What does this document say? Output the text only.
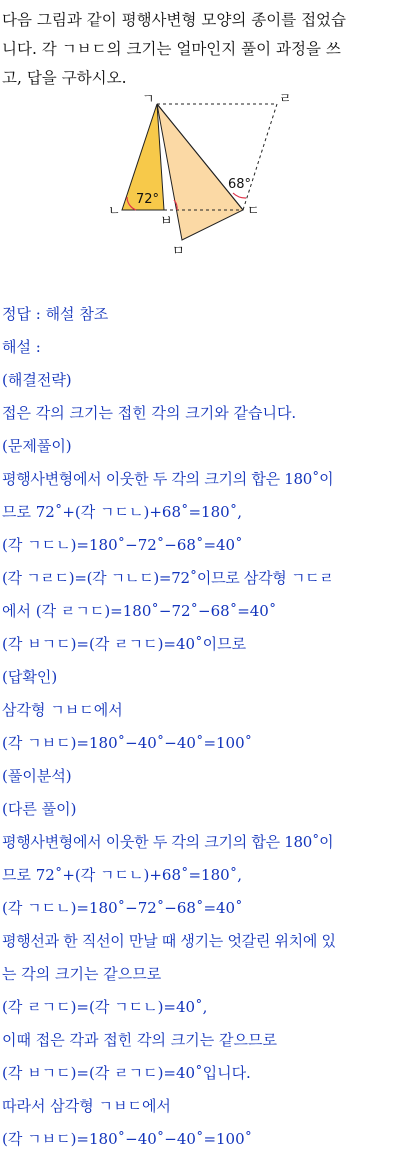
다음 그림과 같이 평행사변형 모양의 종이를 접었습
니다. 각 ㄱㅂㄷ의 크기는 얼마인지 풀이 과정을 쓰
고, 답을 구하시오.
ㄱ	ㄹ
ㄴ
ㅂ
ㄷ
ㅁ
72°
68°
정답 : 해설 참조
해설 :
(해결전략)
접은 각의 크기는 접힌 각의 크기와 같습니다.
(문제풀이)
평행사변형에서 이웃한 두 각의 크기의 합은 180˚이
므로 72˚+(각 ㄱㄷㄴ)+68˚=180˚,
(각 ㄱㄷㄴ)=180˚−72˚−68˚=40˚
(각 ㄱㄹㄷ)=(각 ㄱㄴㄷ)=72˚이므로 삼각형 ㄱㄷㄹ
에서 (각 ㄹㄱㄷ)=180˚−72˚−68˚=40˚
(각 ㅂㄱㄷ)=(각 ㄹㄱㄷ)=40˚이므로
(답확인)
삼각형 ㄱㅂㄷ에서
(각 ㄱㅂㄷ)=180˚−40˚−40˚=100˚
(풀이분석)
(다른 풀이)
평행사변형에서 이웃한 두 각의 크기의 합은 180˚이
므로 72˚+(각 ㄱㄷㄴ)+68˚=180˚,
(각 ㄱㄷㄴ)=180˚−72˚−68˚=40˚
평행선과 한 직선이 만날 때 생기는 엇갈린 위치에 있
는 각의 크기는 같으므로
(각 ㄹㄱㄷ)=(각 ㄱㄷㄴ)=40˚,
이때 접은 각과 접힌 각의 크기는 같으므로
(각 ㅂㄱㄷ)=(각 ㄹㄱㄷ)=40˚입니다.
따라서 삼각형 ㄱㅂㄷ에서
(각 ㄱㅂㄷ)=180˚−40˚−40˚=100˚
